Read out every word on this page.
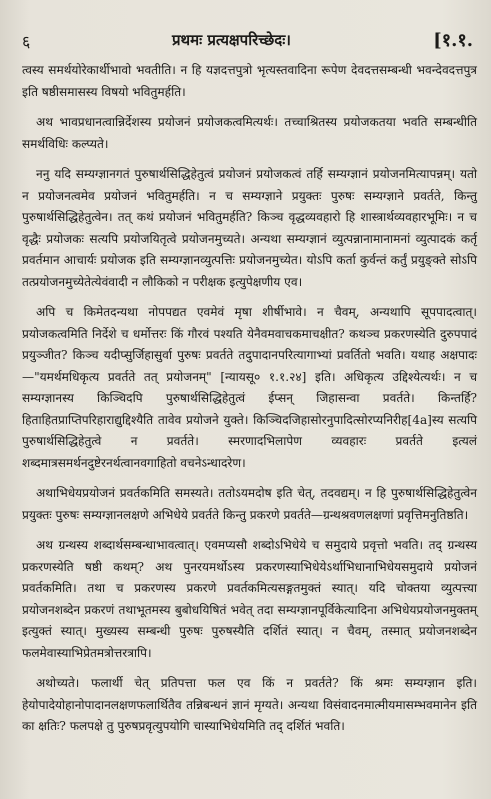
६	प्रथमः प्रत्यक्षपरिच्छेदः।	[१.१.

त्वस्य समर्थयोरेकार्थीभावो भवतीति। न हि यज्ञदत्तपुत्रो भृत्यस्तवादिना रूपेण देवदत्तसम्बन्धी भवन्देवदत्तपुत्र इति षष्ठीसमासस्य विषयो भवितुमर्हति।

अथ भावप्रधानत्वान्निर्देशस्य प्रयोजनं प्रयोजकत्वमित्यर्थः। तच्चाश्रितस्य प्रयोजकतया भवति सम्बन्धीति समर्थविधिः कल्प्यते।

ननु यदि सम्यग्ज्ञानगतं पुरुषार्थसिद्धिहेतुत्वं प्रयोजनं प्रयोजकत्वं तर्हि सम्यग्ज्ञानं प्रयोजनमित्यापन्नम्। यतो न प्रयोजनत्वमेव प्रयोजनं भवितुमर्हति। न च सम्यग्ज्ञाने प्रयुक्तः पुरुषः सम्यग्ज्ञाने प्रवर्तते, किन्तु पुरुषार्थसिद्धिहेतुत्वेन। तत् कथं प्रयोजनं भवितुमर्हति? किञ्च वृद्धव्यवहारो हि शास्त्रार्थव्यवहारभूमिः। न च वृद्धैः प्रयोजकः सत्यपि प्रयोजयितृत्वे प्रयोजनमुच्यते। अन्यथा सम्यग्ज्ञानं व्युत्पन्नानामानामनां व्युत्पादकं कर्तृ प्रवर्तमान आचार्यः प्रयोजक इति सम्यग्ज्ञानव्युत्पत्तिः प्रयोजनमुच्येत। योऽपि कर्ता कुर्वन्तं कर्तुं प्रयुङ्क्ते सोऽपि तत्प्रयोजनमुच्येतेत्येवंवादी न लौकिको न परीक्षक इत्युपेक्षणीय एव।

अपि च किमेतदन्यथा नोपपद्यत एवमेवं मृषा शीर्षीभावे। न चैवम्, अन्यथापि सूपपादत्वात्। प्रयोजकत्वमिति निर्देशे च धर्मोत्तरः किं गौरवं पश्यति येनैवमवाचकमाचक्षीत? कथञ्च प्रकरणस्येति दुरुपपादं प्रयुञ्जीत? किञ्च यदीप्सुर्जिहासुर्वा पुरुषः प्रवर्तते तदुपादानपरित्यागाभ्यां प्रवर्तितो भवति। यथाह अक्षपादः—"यमर्थमधिकृत्य प्रवर्तते तत् प्रयोजनम्" [न्यायसू० १.१.२४] इति। अधिकृत्य उद्दिश्येत्यर्थः। न च सम्यग्ज्ञानस्य किञ्चिदपि पुरुषार्थसिद्धिहेतुत्वं ईप्सन् जिहासन्वा प्रवर्तते। किन्तर्हि? हिताहितप्राप्तिपरिहाराद्युद्दिश्यैति तावेव प्रयोजने युक्ते। किञ्चिदजिहासोरनुपादित्सोरप्यनिरीह[4a]स्य सत्यपि पुरुषार्थसिद्धिहेतुत्वे न प्रवर्तते। स्मरणादभिलापेण व्यवहारः प्रवर्तते इत्यलं शब्दमात्रसमर्थनदुष्टेरनर्थत्वानवगाहितो वचनेऽन्धादरेण।

अथाभिधेयप्रयोजनं प्रवर्तकमिति समस्यते। ततोऽयमदोष इति चेत्, तदवद्यम्। न हि पुरुषार्थसिद्धिहेतुत्वेन प्रयुक्तः पुरुषः सम्यग्ज्ञानलक्षणे अभिधेये प्रवर्तते किन्तु प्रकरणे प्रवर्तते—ग्रन्थश्रवणलक्षणां प्रवृत्तिमनुतिष्ठति।

अथ ग्रन्थस्य शब्दार्थसम्बन्धाभावत्वात्। एवमप्यसौ शब्दोऽभिधेये च समुदाये प्रवृत्तो भवति। तद् ग्रन्थस्य प्रकरणस्येति षष्ठी कथम्? अथ पुनरयमर्थोऽस्य प्रकरणस्याभिधेयेऽर्थाभिधानाभिधेयसमुदाये प्रयोजनं प्रवर्तकमिति। तथा च प्रकरणस्य प्रकरणे प्रवर्तकमित्यसङ्गतमुक्तं स्यात्। यदि चोक्तया व्युत्पत्त्या प्रयोजनशब्देन प्रकरणं तथाभूतमस्य बुबोधयिषितं भवेत् तदा सम्यग्ज्ञानपूर्विकेत्यादिना अभिधेयप्रयोजनमुक्तम् इत्युक्तं स्यात्। मुख्यस्य सम्बन्धी पुरुषः पुरुषस्यैति दर्शितं स्यात्। न चैवम्, तस्मात् प्रयोजनशब्देन फलमेवास्याभिप्रेतमत्रोत्तरत्रापि।

अथोच्यते। फलार्थी चेत् प्रतिपत्ता फल एव किं न प्रवर्तते? किं श्रमः सम्यग्ज्ञान इति। हेयोपादेयोहानोपादानलक्षणफलार्थितैव तन्निबन्धनं ज्ञानं मृग्यते। अन्यथा विसंवादनमात्मीयमासम्भवमानेन इति का क्षतिः? फलपक्षे तु पुरुषप्रवृत्युपयोगि चास्याभिधेयमिति तद् दर्शितं भवति।
